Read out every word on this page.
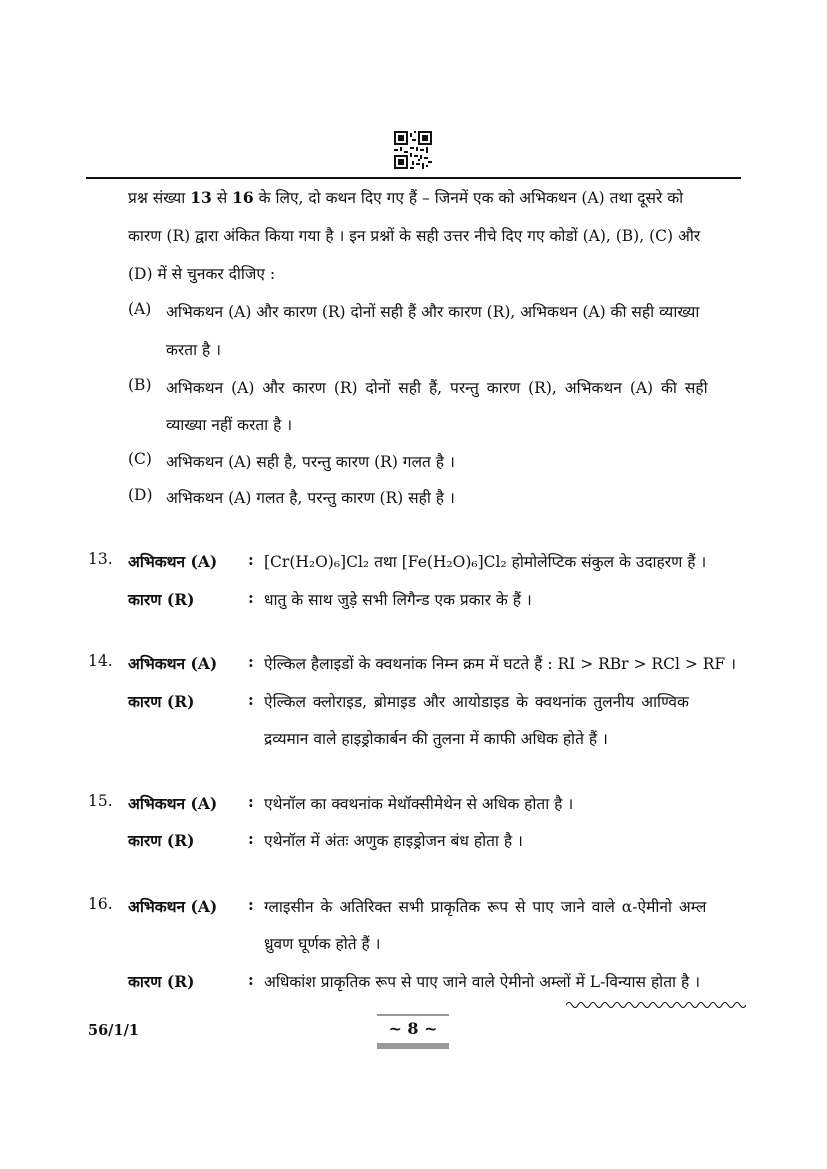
प्रश्न संख्या 13 से 16 के लिए, दो कथन दिए गए हैं – जिनमें एक को अभिकथन (A) तथा दूसरे को
कारण (R) द्वारा अंकित किया गया है । इन प्रश्नों के सही उत्तर नीचे दिए गए कोडों (A), (B), (C) और
(D) में से चुनकर दीजिए :
(A) अभिकथन (A) और कारण (R) दोनों सही हैं और कारण (R), अभिकथन (A) की सही व्याख्या
करता है ।
(B) अभिकथन (A) और कारण (R) दोनों सही हैं, परन्तु कारण (R), अभिकथन (A) की सही
व्याख्या नहीं करता है ।
(C) अभिकथन (A) सही है, परन्तु कारण (R) गलत है ।
(D) अभिकथन (A) गलत है, परन्तु कारण (R) सही है ।
13. अभिकथन (A) : [Cr(H₂O)₆]Cl₂ तथा [Fe(H₂O)₆]Cl₂ होमोलेप्टिक संकुल के उदाहरण हैं ।
कारण (R)	: धातु के साथ जुड़े सभी लिगैन्ड एक प्रकार के हैं ।
14. अभिकथन (A) : ऐल्किल हैलाइडों के क्वथनांक निम्न क्रम में घटते हैं : RI > RBr > RCl > RF ।
कारण (R)	: ऐल्किल क्लोराइड, ब्रोमाइड और आयोडाइड के क्वथनांक तुलनीय आण्विक
द्रव्यमान वाले हाइड्रोकार्बन की तुलना में काफी अधिक होते हैं ।
15. अभिकथन (A) : एथेनॉल का क्वथनांक मेथॉक्सीमेथेन से अधिक होता है ।
कारण (R)	: एथेनॉल में अंतः अणुक हाइड्रोजन बंध होता है ।
16. अभिकथन (A) : ग्लाइसीन के अतिरिक्त सभी प्राकृतिक रूप से पाए जाने वाले α-ऐमीनो अम्ल
ध्रुवण घूर्णक होते हैं ।
कारण (R)	: अधिकांश प्राकृतिक रूप से पाए जाने वाले ऐमीनो अम्लों में L-विन्यास होता है ।
56/1/1	~ 8 ~
